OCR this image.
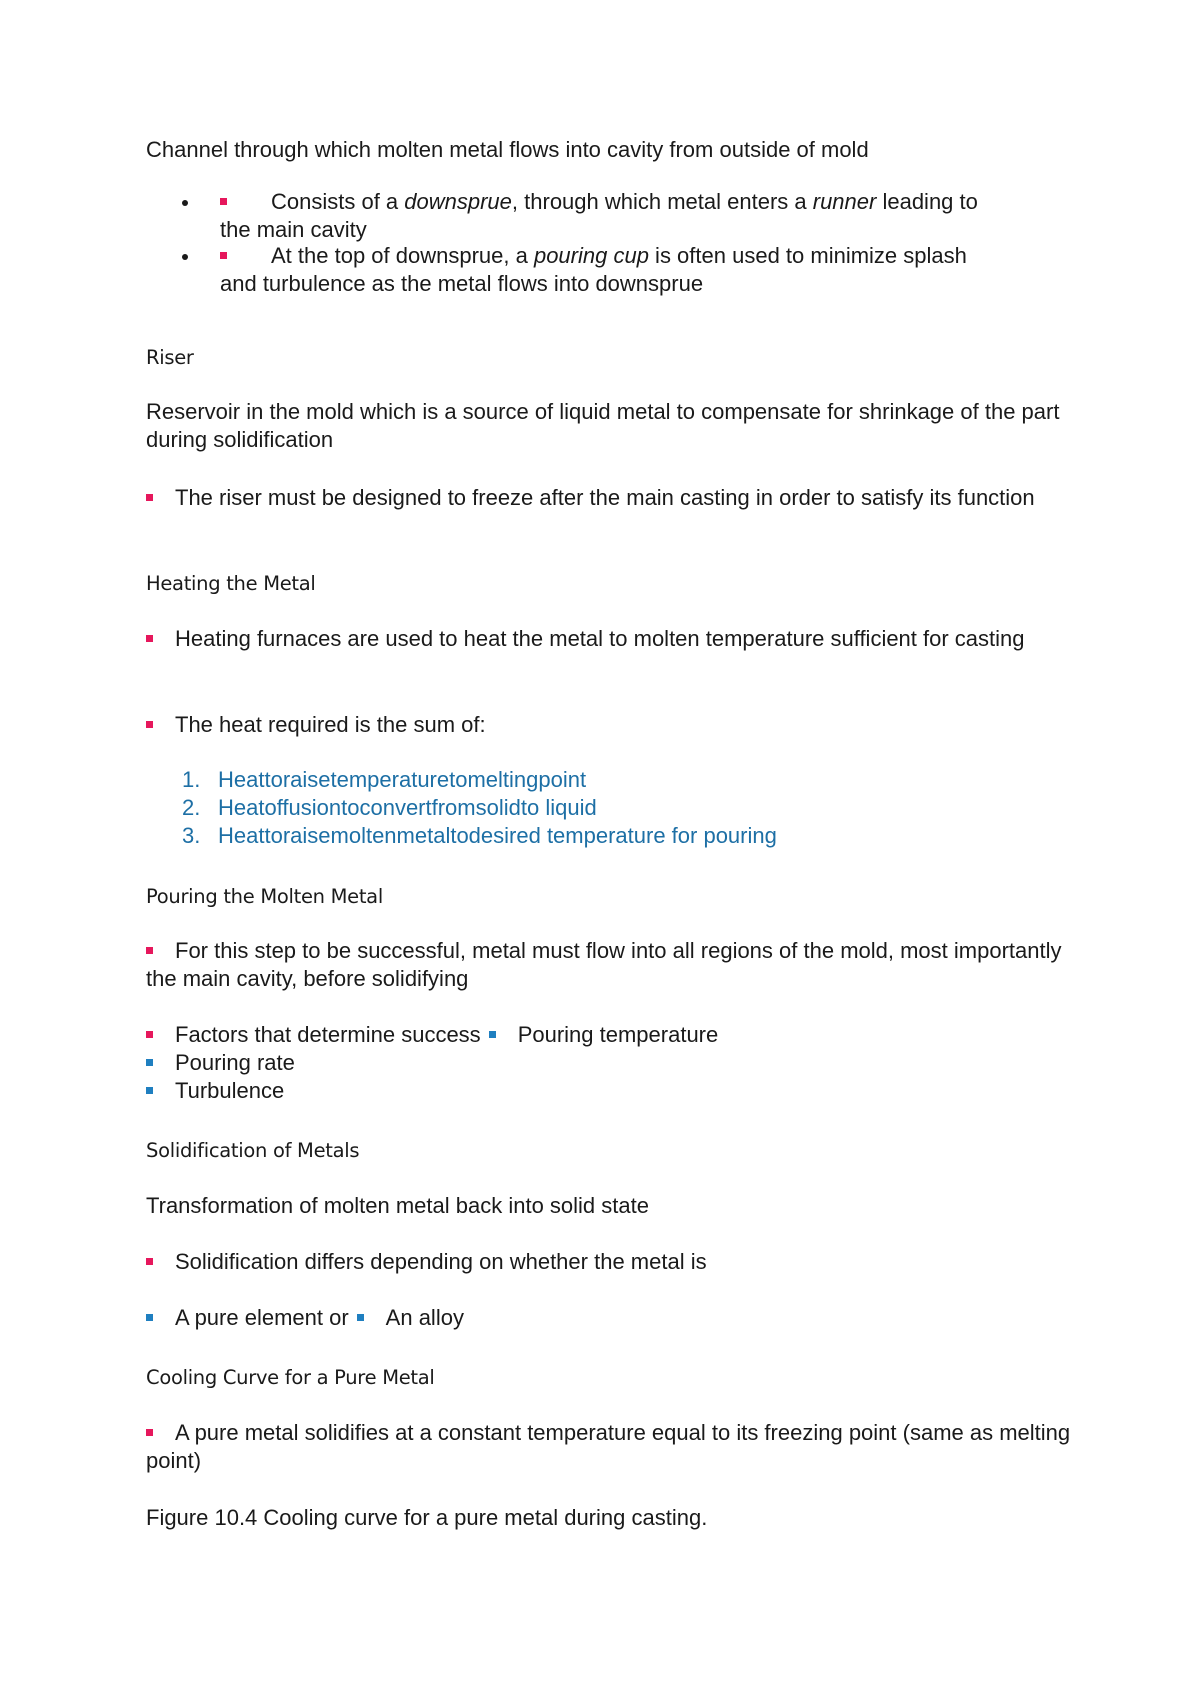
Channel through which molten metal flows into cavity from outside of mold

Consists of a downsprue, through which metal enters a runner leading to
the main cavity
At the top of downsprue, a pouring cup is often used to minimize splash
and turbulence as the metal flows into downsprue

Riser

Reservoir in the mold which is a source of liquid metal to compensate for shrinkage of the part during solidification

The riser must be designed to freeze after the main casting in order to satisfy its function

Heating the Metal

Heating furnaces are used to heat the metal to molten temperature sufficient for casting

The heat required is the sum of:

1. Heattoraisetemperaturetomeltingpoint
2. Heatoffusiontoconvertfromsolidto liquid
3. Heattoraisemoltenmetaltodesired temperature for pouring

Pouring the Molten Metal

For this step to be successful, metal must flow into all regions of the mold, most importantly the main cavity, before solidifying

Factors that determine success Pouring temperature

Pouring rate

Turbulence

Solidification of Metals

Transformation of molten metal back into solid state

Solidification differs depending on whether the metal is

A pure element or An alloy

Cooling Curve for a Pure Metal

A pure metal solidifies at a constant temperature equal to its freezing point (same as melting point)

Figure 10.4 Cooling curve for a pure metal during casting.
